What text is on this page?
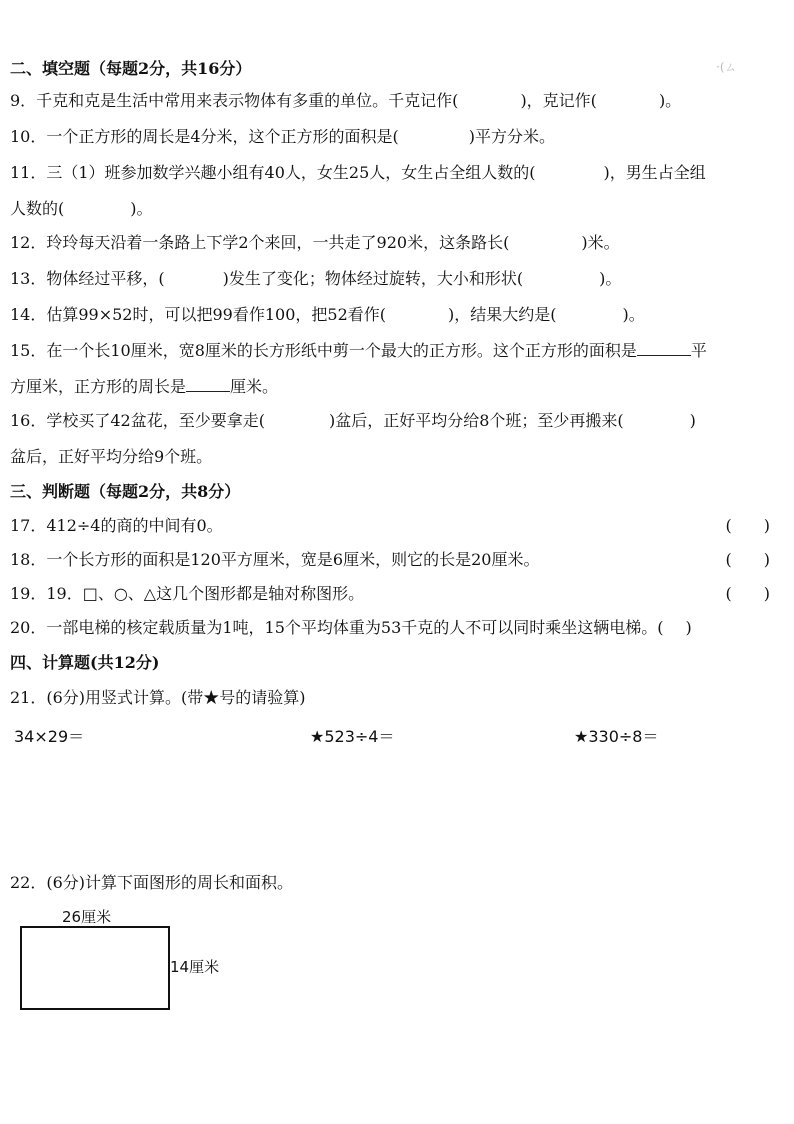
·(ㄙ
二、填空题（每题2分，共16分）
9．千克和克是生活中常用来表示物体有多重的单位。千克记作(	)，克记作(	)。
10．一个正方形的周长是4分米，这个正方形的面积是(	)平方分米。
11．三（1）班参加数学兴趣小组有40人，女生25人，女生占全组人数的(	)，男生占全组
人数的(	)。
12．玲玲每天沿着一条路上下学2个来回，一共走了920米，这条路长(	)米。
13．物体经过平移，(	)发生了变化；物体经过旋转，大小和形状(	)。
14．估算99×52时，可以把99看作100，把52看作(	)，结果大约是(	)。
15．在一个长10厘米，宽8厘米的长方形纸中剪一个最大的正方形。这个正方形的面积是	平
方厘米，正方形的周长是	厘米。
16．学校买了42盆花，至少要拿走(	)盆后，正好平均分给8个班；至少再搬来(	)
盆后，正好平均分给9个班。
三、判断题（每题2分，共8分）
17．412÷4的商的中间有0。	(　　)
18．一个长方形的面积是120平方厘米，宽是6厘米，则它的长是20厘米。	(　　)
19．19．□、○、△这几个图形都是轴对称图形。	(　　)
20．一部电梯的核定载质量为1吨，15个平均体重为53千克的人不可以同时乘坐这辆电梯。( )
四、计算题(共12分)
21．(6分)用竖式计算。(带★号的请验算)
34×29＝	★523÷4＝	★330÷8＝
22．(6分)计算下面图形的周长和面积。
26厘米
14厘米
